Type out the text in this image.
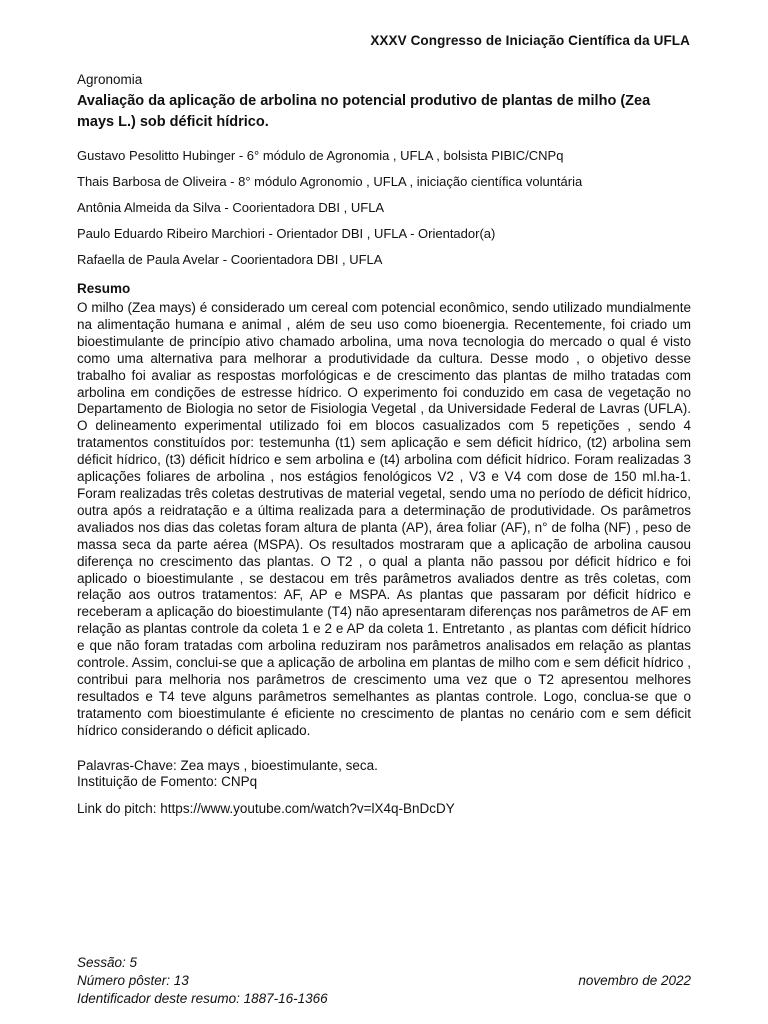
XXXV Congresso de Iniciação Científica da UFLA
Agronomia
Avaliação da aplicação de arbolina no potencial produtivo de plantas de milho (Zea mays L.) sob déficit hídrico.
Gustavo Pesolitto Hubinger - 6° módulo de Agronomia , UFLA , bolsista PIBIC/CNPq
Thais Barbosa de Oliveira - 8° módulo Agronomio , UFLA , iniciação científica voluntária
Antônia Almeida da Silva - Coorientadora DBI , UFLA
Paulo Eduardo Ribeiro Marchiori - Orientador DBI , UFLA - Orientador(a)
Rafaella de Paula Avelar - Coorientadora DBI , UFLA
Resumo

O milho (Zea mays) é considerado um cereal com potencial econômico, sendo utilizado mundialmente na alimentação humana e animal , além de seu uso como bioenergia. Recentemente, foi criado um bioestimulante de princípio ativo chamado arbolina, uma nova tecnologia do mercado o qual é visto como uma alternativa para melhorar a produtividade da cultura. Desse modo , o objetivo desse trabalho foi avaliar as respostas morfológicas e de crescimento das plantas de milho tratadas com arbolina em condições de estresse hídrico. O experimento foi conduzido em casa de vegetação no Departamento de Biologia no setor de Fisiologia Vegetal , da Universidade Federal de Lavras (UFLA). O delineamento experimental utilizado foi em blocos casualizados com 5 repetições , sendo 4 tratamentos constituídos por: testemunha (t1) sem aplicação e sem déficit hídrico, (t2) arbolina sem déficit hídrico, (t3) déficit hídrico e sem arbolina e (t4) arbolina com déficit hídrico. Foram realizadas 3 aplicações foliares de arbolina , nos estágios fenológicos V2 , V3 e V4 com dose de 150 ml.ha-1. Foram realizadas três coletas destrutivas de material vegetal, sendo uma no período de déficit hídrico, outra após a reidratação e a última realizada para a determinação de produtividade. Os parâmetros avaliados nos dias das coletas foram altura de planta (AP), área foliar (AF), n° de folha (NF) , peso de massa seca da parte aérea (MSPA). Os resultados mostraram que a aplicação de arbolina causou diferença no crescimento das plantas. O T2 , o qual a planta não passou por déficit hídrico e foi aplicado o bioestimulante , se destacou em três parâmetros avaliados dentre as três coletas, com relação aos outros tratamentos: AF, AP e MSPA. As plantas que passaram por déficit hídrico e receberam a aplicação do bioestimulante (T4) não apresentaram diferenças nos parâmetros de AF em relação as plantas controle da coleta 1 e 2 e AP da coleta 1. Entretanto , as plantas com déficit hídrico e que não foram tratadas com arbolina reduziram nos parâmetros analisados em relação as plantas controle. Assim, conclui-se que a aplicação de arbolina em plantas de milho com e sem déficit hídrico , contribui para melhoria nos parâmetros de crescimento uma vez que o T2 apresentou melhores resultados e T4 teve alguns parâmetros semelhantes as plantas controle. Logo, conclua-se que o tratamento com bioestimulante é eficiente no crescimento de plantas no cenário com e sem déficit hídrico considerando o déficit aplicado.

Palavras-Chave: Zea mays , bioestimulante, seca.
Instituição de Fomento: CNPq
Link do pitch: https://www.youtube.com/watch?v=lX4q-BnDcDY
Sessão: 5
Número pôster: 13
Identificador deste resumo: 1887-16-1366
novembro de 2022
